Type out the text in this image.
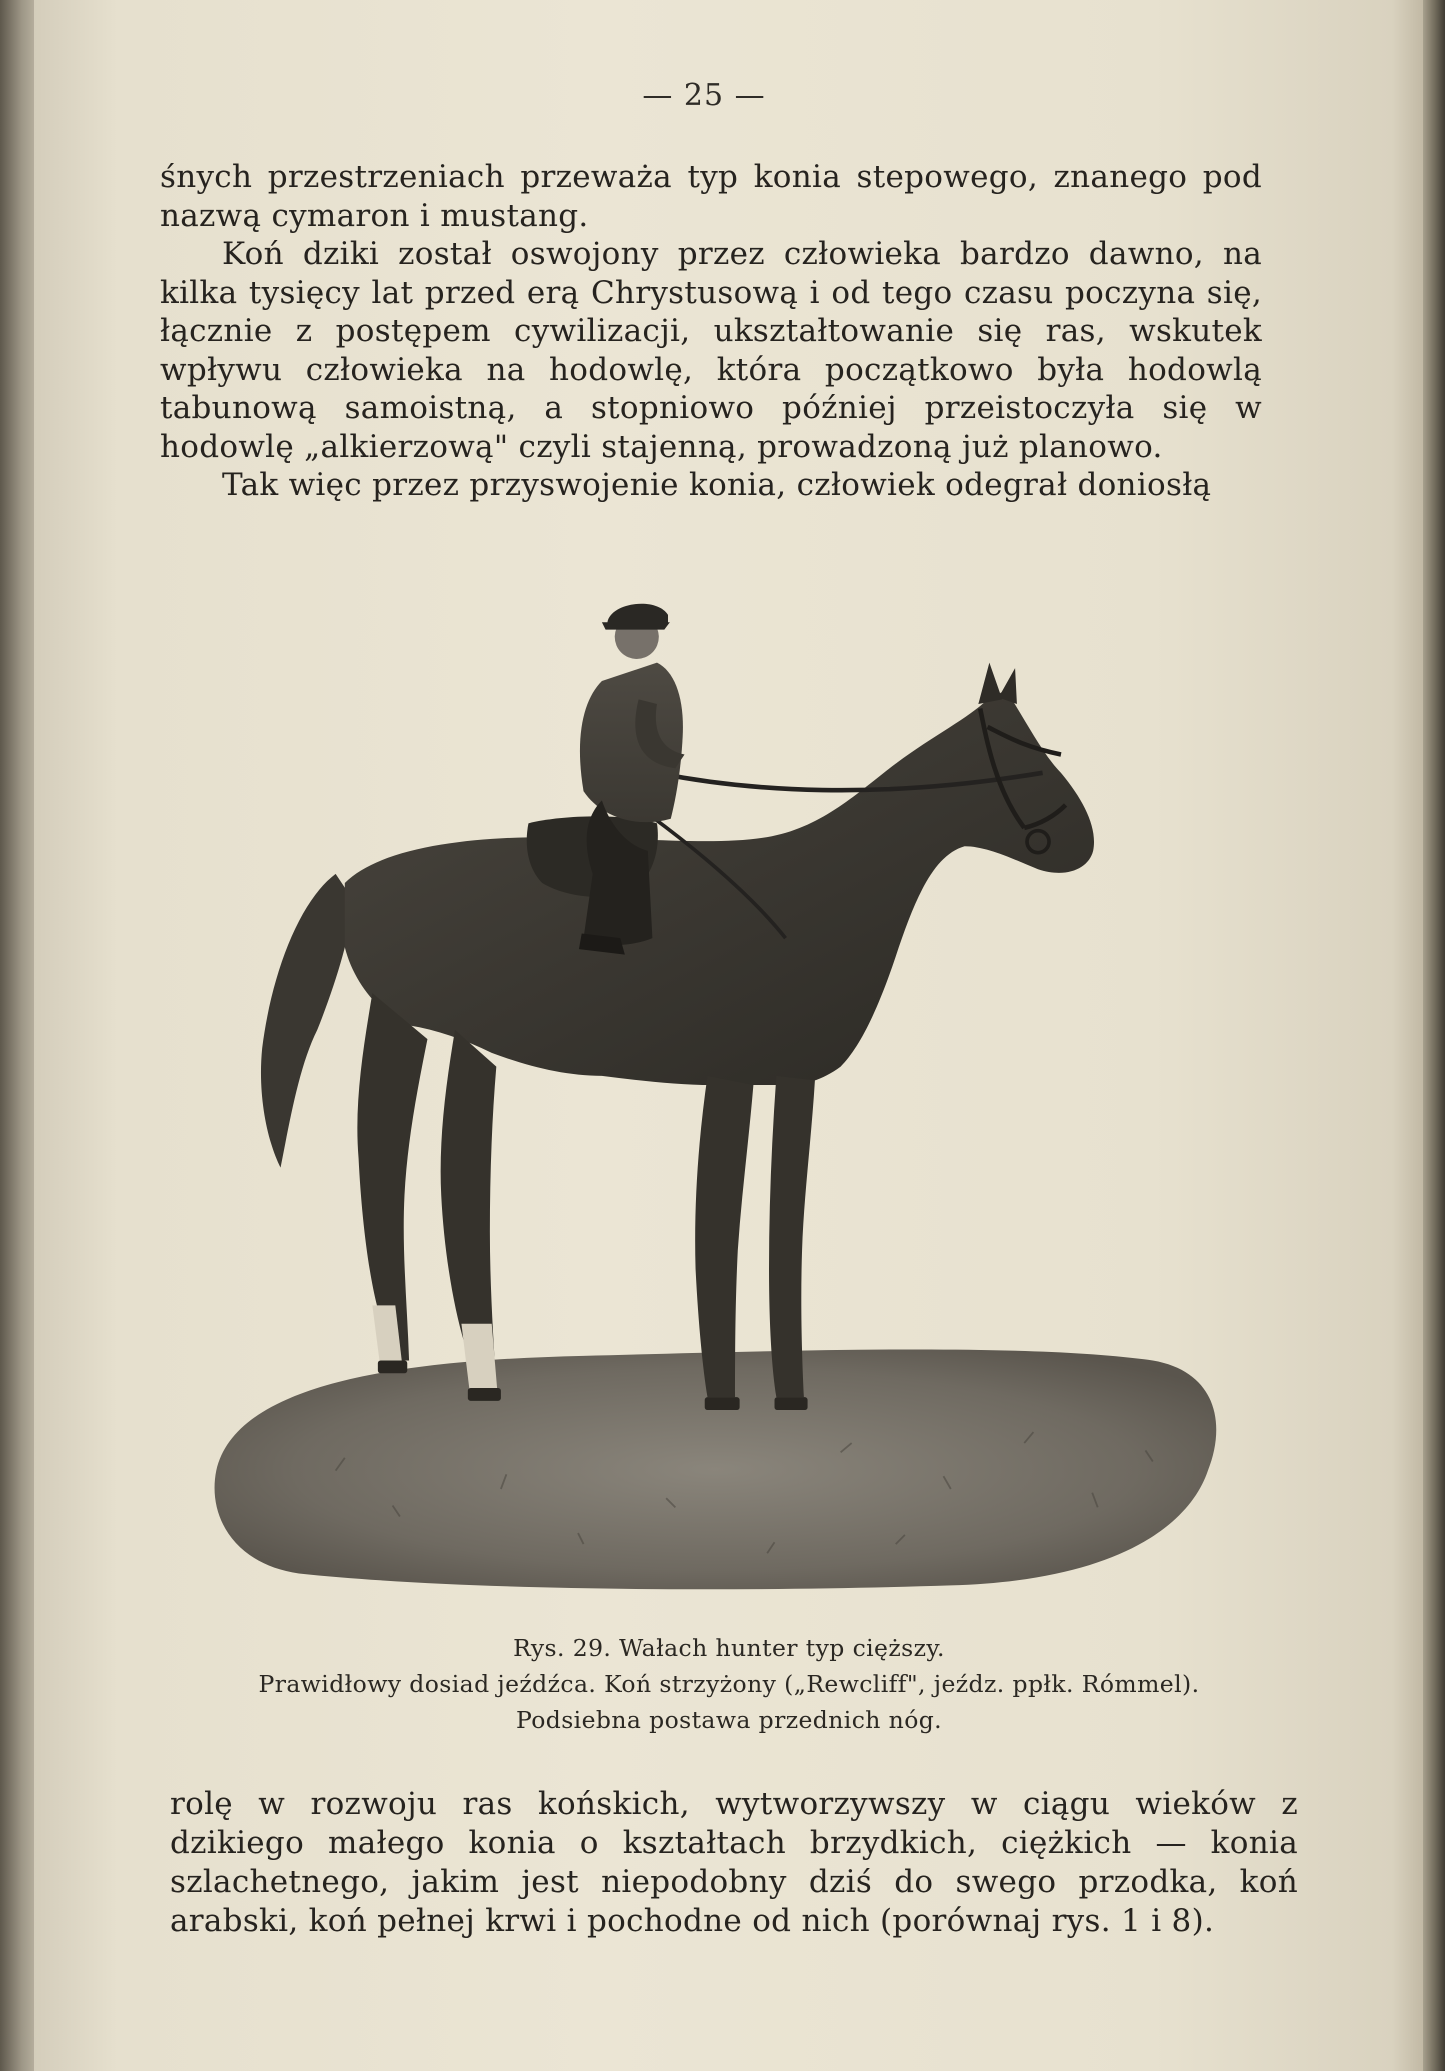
— 25 —

śnych przestrzeniach przeważa typ konia stepowego, znanego pod nazwą cymaron i mustang.

Koń dziki został oswojony przez człowieka bardzo dawno, na kilka tysięcy lat przed erą Chrystusową i od tego czasu poczyna się, łącznie z postępem cywilizacji, ukształtowanie się ras, wskutek wpływu człowieka na hodowlę, która początkowo była hodowlą tabunową samoistną, a stopniowo później przeistoczyła się w hodowlę „alkierzową" czyli stajenną, prowadzoną już planowo.

Tak więc przez przyswojenie konia, człowiek odegrał doniosłą

Rys. 29. Wałach hunter typ cięższy.
Prawidłowy dosiad jeźdźca. Koń strzyżony („Rewcliff", jeźdz. ppłk. Rómmel).
Podsiebna postawa przednich nóg.

rolę w rozwoju ras końskich, wytworzywszy w ciągu wieków z dzikiego małego konia o kształtach brzydkich, ciężkich — konia szlachetnego, jakim jest niepodobny dziś do swego przodka, koń arabski, koń pełnej krwi i pochodne od nich (porównaj rys. 1 i 8).
